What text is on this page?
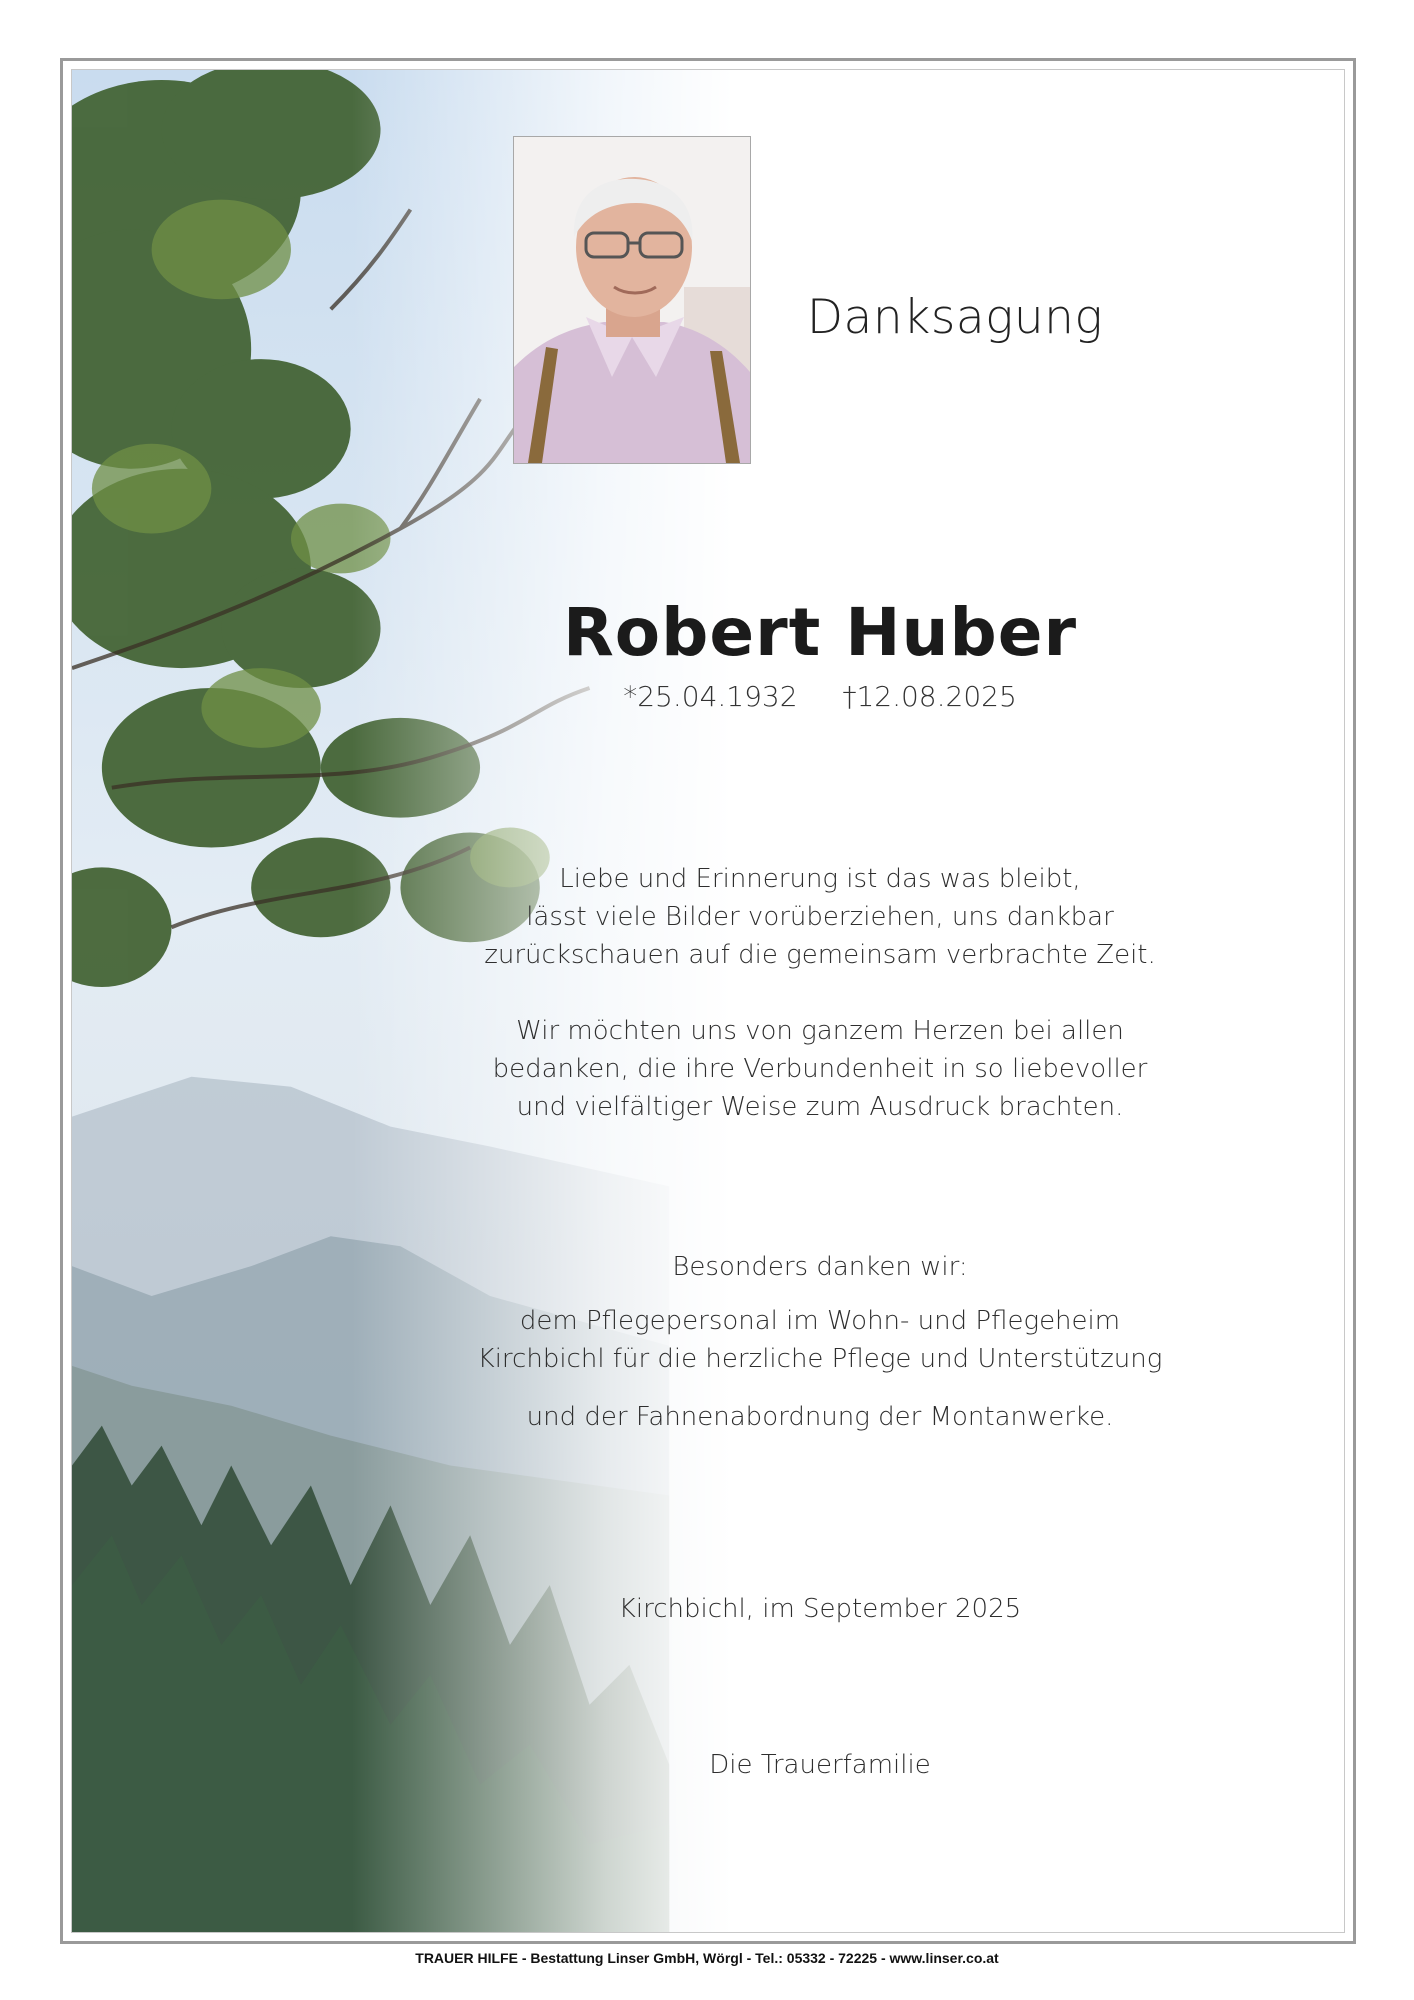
Danksagung
Robert Huber
*25.04.1932 †12.08.2025
Liebe und Erinnerung ist das was bleibt,
lässt viele Bilder vorüberziehen, uns dankbar
zurückschauen auf die gemeinsam verbrachte Zeit.
Wir möchten uns von ganzem Herzen bei allen
bedanken, die ihre Verbundenheit in so liebevoller
und vielfältiger Weise zum Ausdruck brachten.
Besonders danken wir:
dem Pflegepersonal im Wohn- und Pflegeheim
Kirchbichl für die herzliche Pflege und Unterstützung
und der Fahnenabordnung der Montanwerke.
Kirchbichl, im September 2025
Die Trauerfamilie
TRAUER HILFE - Bestattung Linser GmbH, Wörgl - Tel.: 05332 - 72225 - www.linser.co.at
